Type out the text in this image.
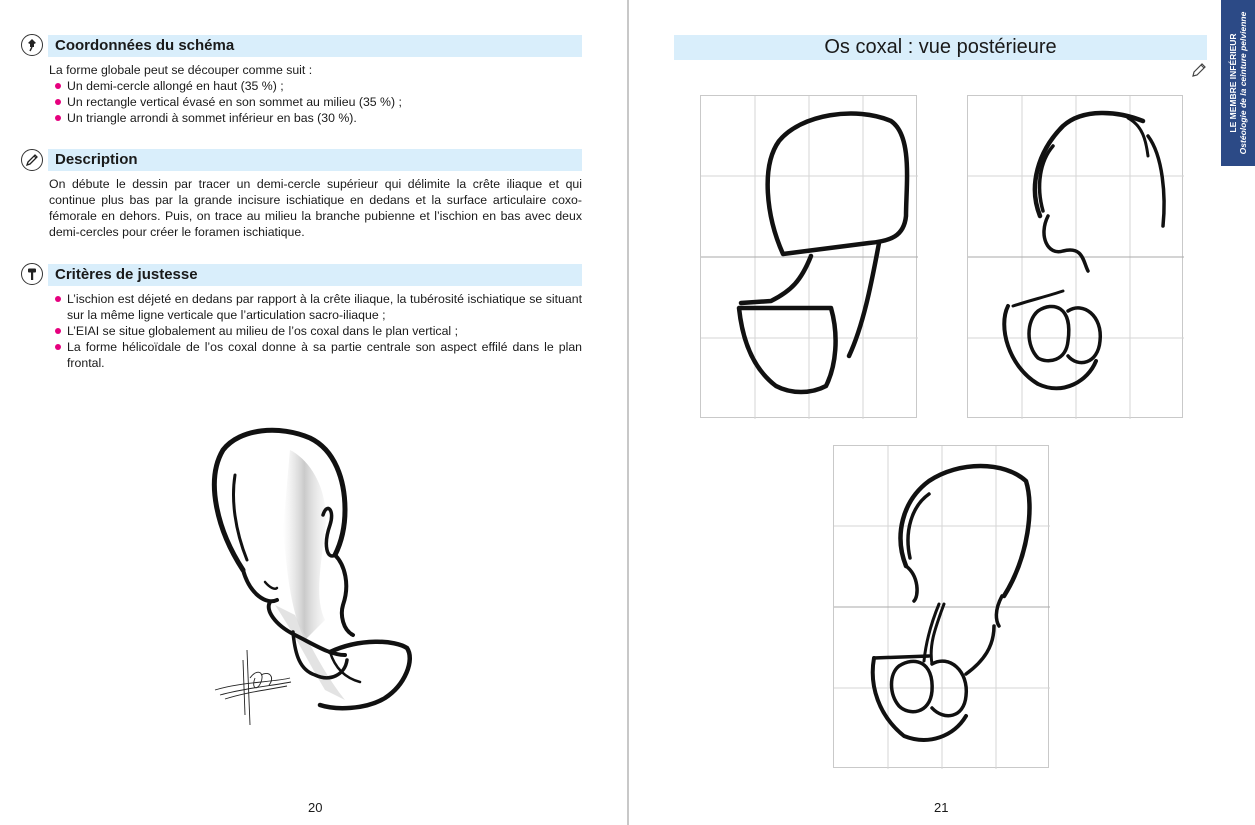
Coordonnées du schéma

La forme globale peut se découper comme suit :

Un demi-cercle allongé en haut (35 %) ;
Un rectangle vertical évasé en son sommet au milieu (35 %) ;
Un triangle arrondi à sommet inférieur en bas (30 %).
Description

On débute le dessin par tracer un demi-cercle supérieur qui délimite la crête iliaque et qui continue plus bas par la grande incisure ischiatique en dedans et la surface articulaire coxo-fémorale en dehors. Puis, on trace au milieu la branche pubienne et l’ischion en bas avec deux demi-cercles pour créer le foramen ischiatique.

Critères de justesse
L’ischion est déjeté en dedans par rapport à la crête iliaque, la tubérosité ischiatique se situant sur la même ligne verticale que l’articulation sacro-iliaque ;
L’EIAI se situe globalement au milieu de l’os coxal dans le plan vertical ;
La forme hélicoïdale de l’os coxal donne à sa partie centrale son aspect effilé dans le plan frontal.
20
Os coxal : vue postérieure	LE MEMBRE INFÉRIEUR Ostéologie de la ceinture pelvienne
21
